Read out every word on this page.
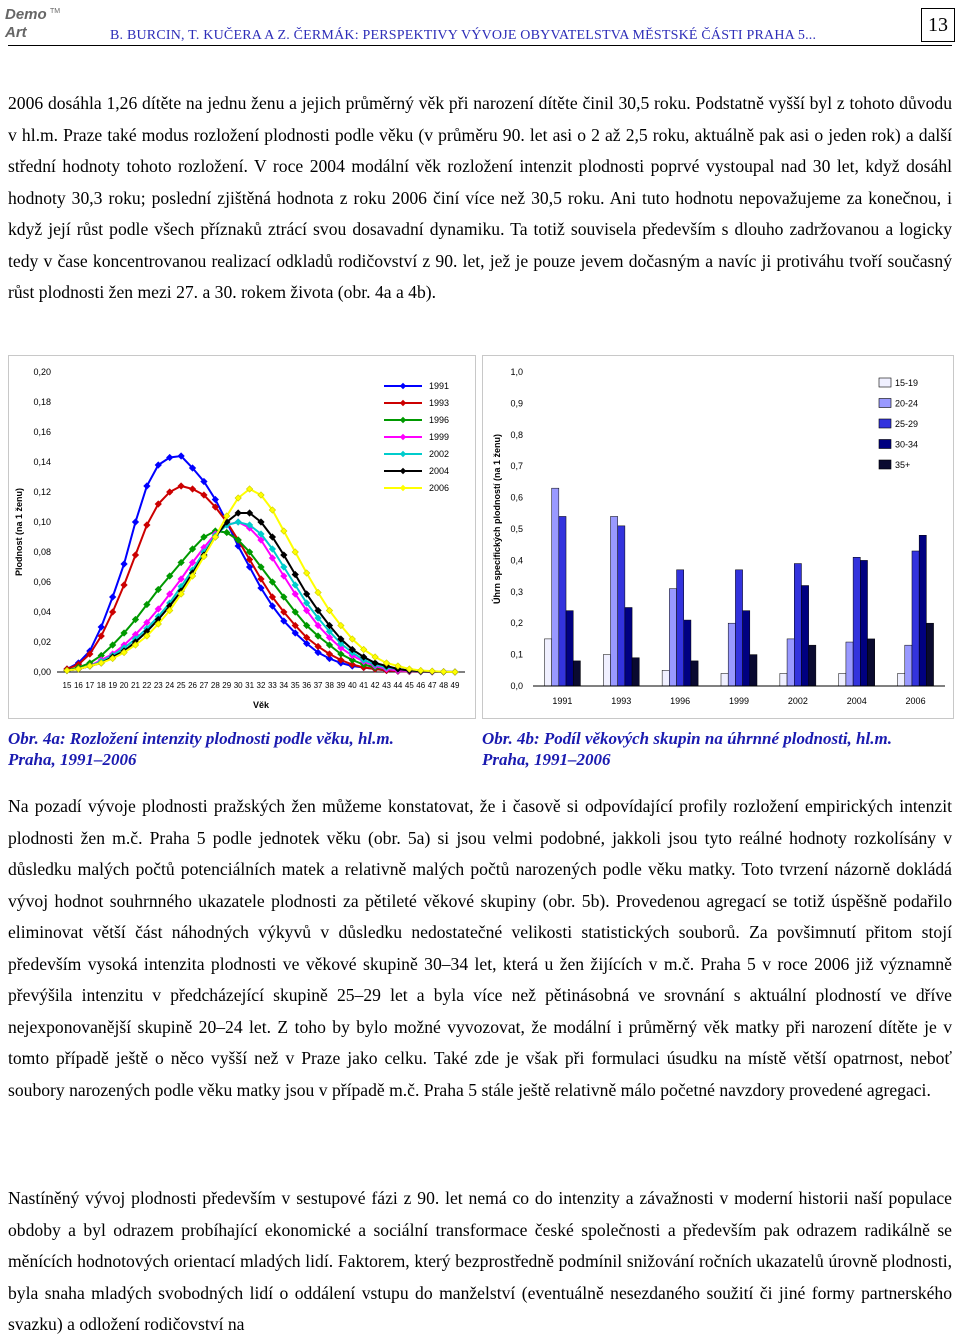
Demo
Art
TM
B. BURCIN, T. KUČERA A Z. ČERMÁK: PERSPEKTIVY VÝVOJE OBYVATELSTVA MĚSTSKÉ ČÁSTI PRAHA 5...	13

2006 dosáhla 1,26 dítěte na jednu ženu a jejich průměrný věk při narození dítěte činil 30,5 roku. Podstatně vyšší byl z tohoto důvodu v hl.m. Praze také modus rozložení plodnosti podle věku (v průměru 90. let asi o 2 až 2,5 roku, aktuálně pak asi o jeden rok) a další střední hodnoty tohoto rozložení. V roce 2004 modální věk rozložení intenzit plodnosti poprvé vystoupal nad 30 let, když dosáhl hodnoty 30,3 roku; poslední zjištěná hodnota z roku 2006 činí více než 30,5 roku. Ani tuto hodnotu nepovažujeme za konečnou, i když její růst podle všech příznaků ztrácí svou dosavadní dynamiku. Ta totiž souvisela především s dlouho zadržovanou a logicky tedy v čase koncentrovanou realizací odkladů rodičovství z 90. let, jež je pouze jevem dočasným a navíc ji protiváhu tvoří současný růst plodnosti žen mezi 27. a 30. rokem života (obr. 4a a 4b).

0,00
0,02
0,04
0,06
0,08
0,10
0,12
0,14
0,16
0,18
0,20
15 16 17 18 19 20 21 22 23 24 25 26 27 28 29 30 31 32 33 34 35 36 37 38 39 40 41 42 43 44 45 46 47 48 49
Věk
Plodnost (na 1 ženu)
1991
1993
1996
1999
2002
2004
2006
0,0
0,1
0,2
0,3
0,4
0,5
0,6
0,7
0,8
0,9
1,0
Úhrn specifických plodností (na 1 ženu)
1991	1993	1996	1999	2002	2004	2006
15-19
20-24
25-29
30-34
35+

Obr. 4a: Rozložení intenzity plodnosti podle věku, hl.m. Praha, 1991–2006

Obr. 4b: Podíl věkových skupin na úhrnné plodnosti, hl.m. Praha, 1991–2006

Na pozadí vývoje plodnosti pražských žen můžeme konstatovat, že i časově si odpovídající profily rozložení empirických intenzit plodnosti žen m.č. Praha 5 podle jednotek věku (obr. 5a) si jsou velmi podobné, jakkoli jsou tyto reálné hodnoty rozkolísány v důsledku malých počtů potenciálních matek a relativně malých počtů narozených podle věku matky. Toto tvrzení názorně dokládá vývoj hodnot souhrnného ukazatele plodnosti za pětileté věkové skupiny (obr. 5b). Provedenou agregací se totiž úspěšně podařilo eliminovat větší část náhodných výkyvů v důsledku nedostatečné velikosti statistických souborů. Za povšimnutí přitom stojí především vysoká intenzita plodnosti ve věkové skupině 30–34 let, která u žen žijících v m.č. Praha 5 v roce 2006 již významně převýšila intenzitu v předcházející skupině 25–29 let a byla více než pětinásobná ve srovnání s aktuální plodností ve dříve nejexponovanější skupině 20–24 let. Z toho by bylo možné vyvozovat, že modální i průměrný věk matky při narození dítěte je v tomto případě ještě o něco vyšší než v Praze jako celku. Také zde je však při formulaci úsudku na místě větší opatrnost, neboť soubory narozených podle věku matky jsou v případě m.č. Praha 5 stále ještě relativně málo početné navzdory provedené agregaci.

Nastíněný vývoj plodnosti především v sestupové fázi z 90. let nemá co do intenzity a závažnosti v moderní historii naší populace obdoby a byl odrazem probíhající ekonomické a sociální transformace české společnosti a především pak odrazem radikálně se měnících hodnotových orientací mladých lidí. Faktorem, který bezprostředně podmínil snižování ročních ukazatelů úrovně plodnosti, byla snaha mladých svobodných lidí o oddálení vstupu do manželství (eventuálně nesezdaného soužití či jiné formy partnerského svazku) a odložení rodičovství na
